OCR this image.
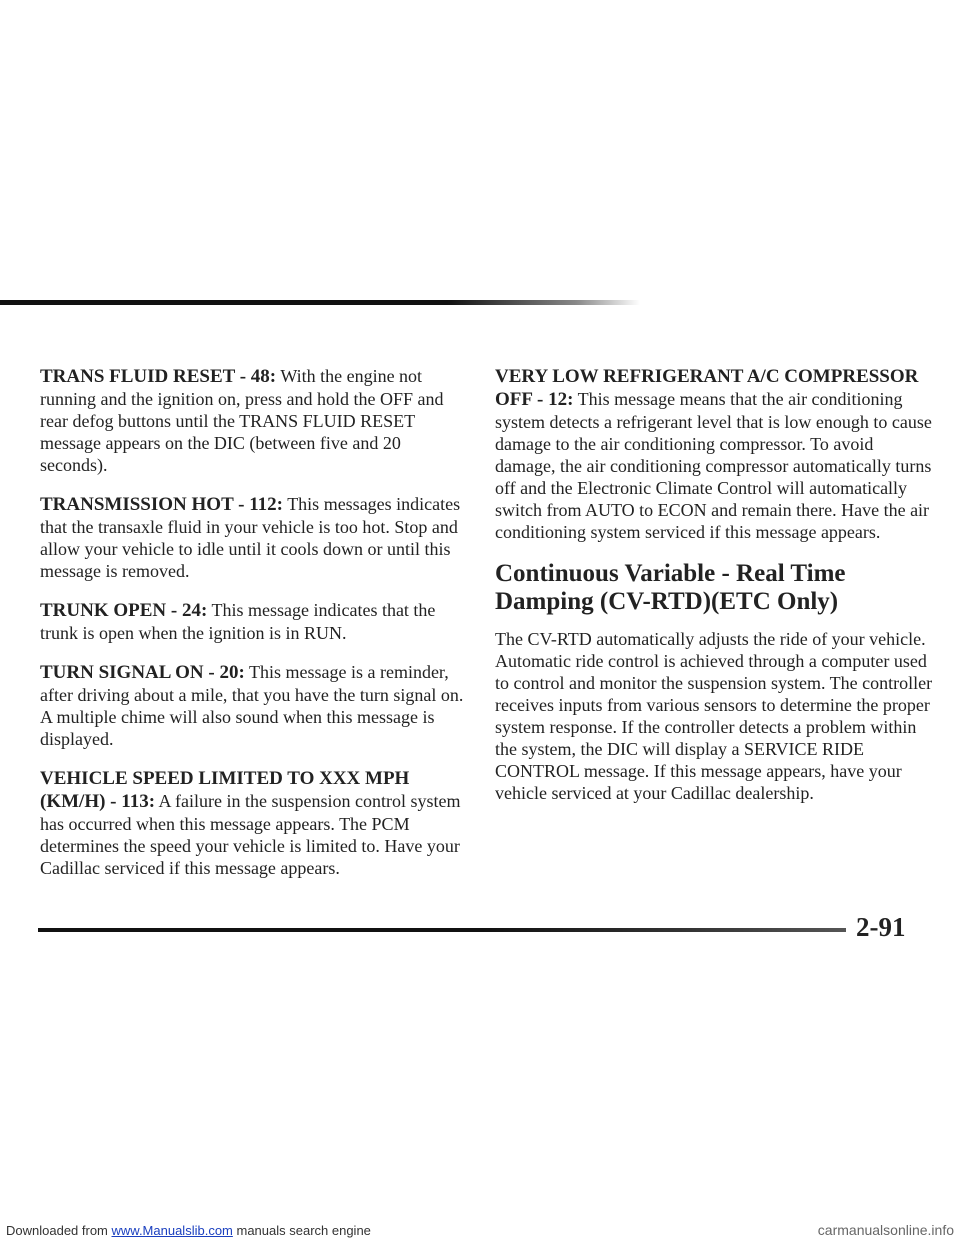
TRANS FLUID RESET - 48: With the engine not running and the ignition on, press and hold the OFF and rear defog buttons until the TRANS FLUID RESET message appears on the DIC (between five and 20 seconds).

TRANSMISSION HOT - 112: This messages indicates that the transaxle fluid in your vehicle is too hot. Stop and allow your vehicle to idle until it cools down or until this message is removed.

TRUNK OPEN - 24: This message indicates that the trunk is open when the ignition is in RUN.

TURN SIGNAL ON - 20: This message is a reminder, after driving about a mile, that you have the turn signal on. A multiple chime will also sound when this message is displayed.

VEHICLE SPEED LIMITED TO XXX MPH (KM/H) - 113: A failure in the suspension control system has occurred when this message appears. The PCM determines the speed your vehicle is limited to. Have your Cadillac serviced if this message appears.

VERY LOW REFRIGERANT A/C COMPRESSOR OFF - 12: This message means that the air conditioning system detects a refrigerant level that is low enough to cause damage to the air conditioning compressor. To avoid damage, the air conditioning compressor automatically turns off and the Electronic Climate Control will automatically switch from AUTO to ECON and remain there. Have the air conditioning system serviced if this message appears.

Continuous Variable - Real Time Damping (CV-RTD)(ETC Only)

The CV-RTD automatically adjusts the ride of your vehicle. Automatic ride control is achieved through a computer used to control and monitor the suspension system. The controller receives inputs from various sensors to determine the proper system response. If the controller detects a problem within the system, the DIC will display a SERVICE RIDE CONTROL message. If this message appears, have your vehicle serviced at your Cadillac dealership.

2-91
Downloaded from www.Manualslib.com manuals search engine	carmanualsonline.info
